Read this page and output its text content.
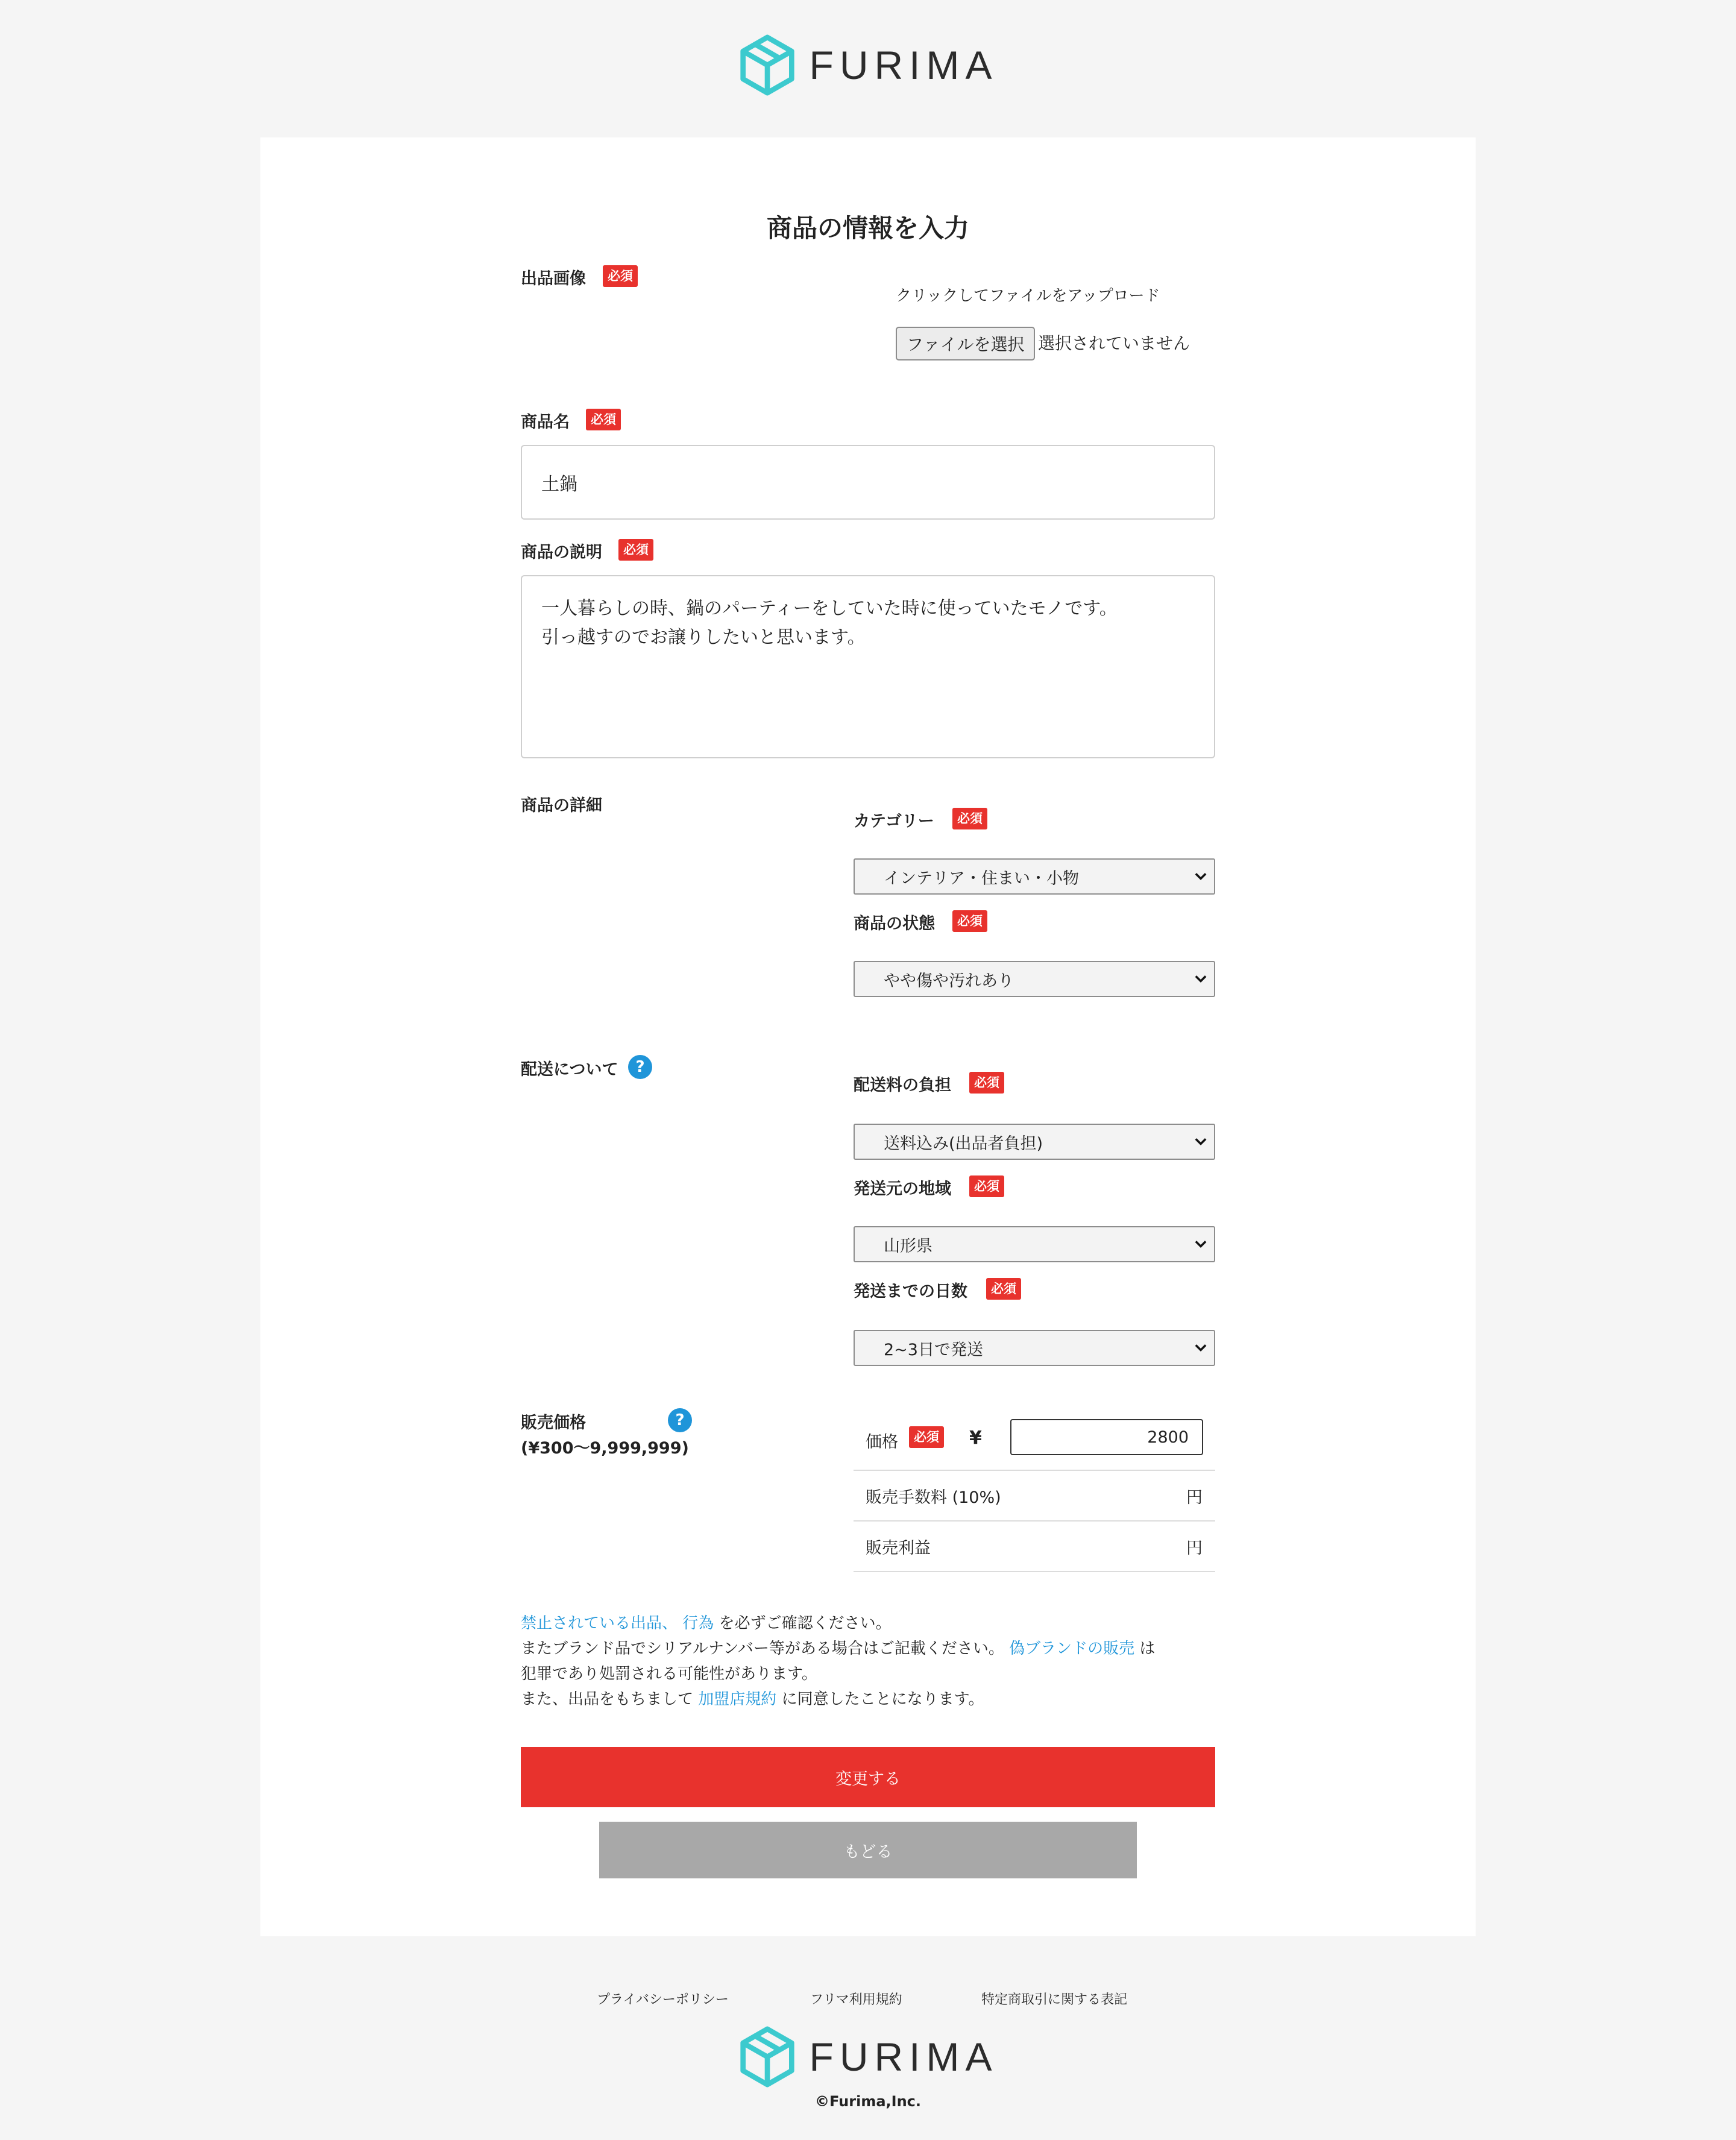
FURIMA
商品の情報を入力
出品画像	必須
クリックしてファイルをアップロード
ファイルを選択 選択されていません
商品名	必須
土鍋
商品の説明	必須
一人暮らしの時、鍋のパーティーをしていた時に使っていたモノです。
引っ越すのでお譲りしたいと思います。
商品の詳細
カテゴリー	必須
インテリア・住まい・小物
商品の状態	必須
やや傷や汚れあり
配送について	?
配送料の負担	必須
送料込み(出品者負担)
発送元の地域	必須
山形県
発送までの日数	必須
2~3日で発送
販売価格
(¥300〜9,999,999)
?
価格	必須 ¥	2800
販売手数料 (10%)	円
販売利益	円
禁止されている出品、 行為 を必ずご確認ください。
またブランド品でシリアルナンバー等がある場合はご記載ください。 偽ブランドの販売 は
犯罪であり処罰される可能性があります。
また、出品をもちまして 加盟店規約 に同意したことになります。
変更する
もどる
プライバシーポリシー	フリマ利用規約	特定商取引に関する表記
FURIMA
©Furima,Inc.
